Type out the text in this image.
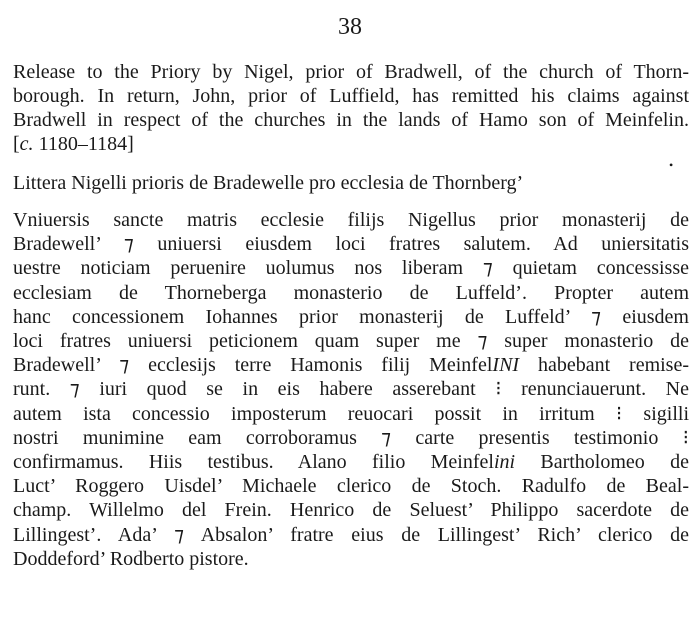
38
Release to the Priory by Nigel, prior of Bradwell, of the church of Thorn-
borough. In return, John, prior of Luffield, has remitted his claims against
Bradwell in respect of the churches in the lands of Hamo son of Meinfelin.
[c. 1180–1184]
•
Littera Nigelli prioris de Bradewelle pro ecclesia de Thornberg’
Vniuersis sancte matris ecclesie filijs Nigellus prior monasterij de
Bradewell’ ⁊ uniuersi eiusdem loci fratres salutem. Ad uniersitatis
uestre noticiam peruenire uolumus nos liberam ⁊ quietam concessisse
ecclesiam de Thorneberga monasterio de Luffeld’. Propter autem
hanc concessionem Iohannes prior monasterij de Luffeld’ ⁊ eiusdem
loci fratres uniuersi peticionem quam super me ⁊ super monasterio de
Bradewell’ ⁊ ecclesijs terre Hamonis filij MeinfelINI habebant remise-
runt. ⁊ iuri quod se in eis habere asserebant ⁝ renunciauerunt. Ne
autem ista concessio imposterum reuocari possit in irritum ⁝ sigilli
nostri munimine eam corroboramus ⁊ carte presentis testimonio ⁝
confirmamus. Hiis testibus. Alano filio Meinfelini Bartholomeo de
Luct’ Roggero Uisdel’ Michaele clerico de Stoch. Radulfo de Beal-
champ. Willelmo del Frein. Henrico de Seluest’ Philippo sacerdote de
Lillingest’. Ada’ ⁊ Absalon’ fratre eius de Lillingest’ Rich’ clerico de
Doddeford’ Rodberto pistore.
